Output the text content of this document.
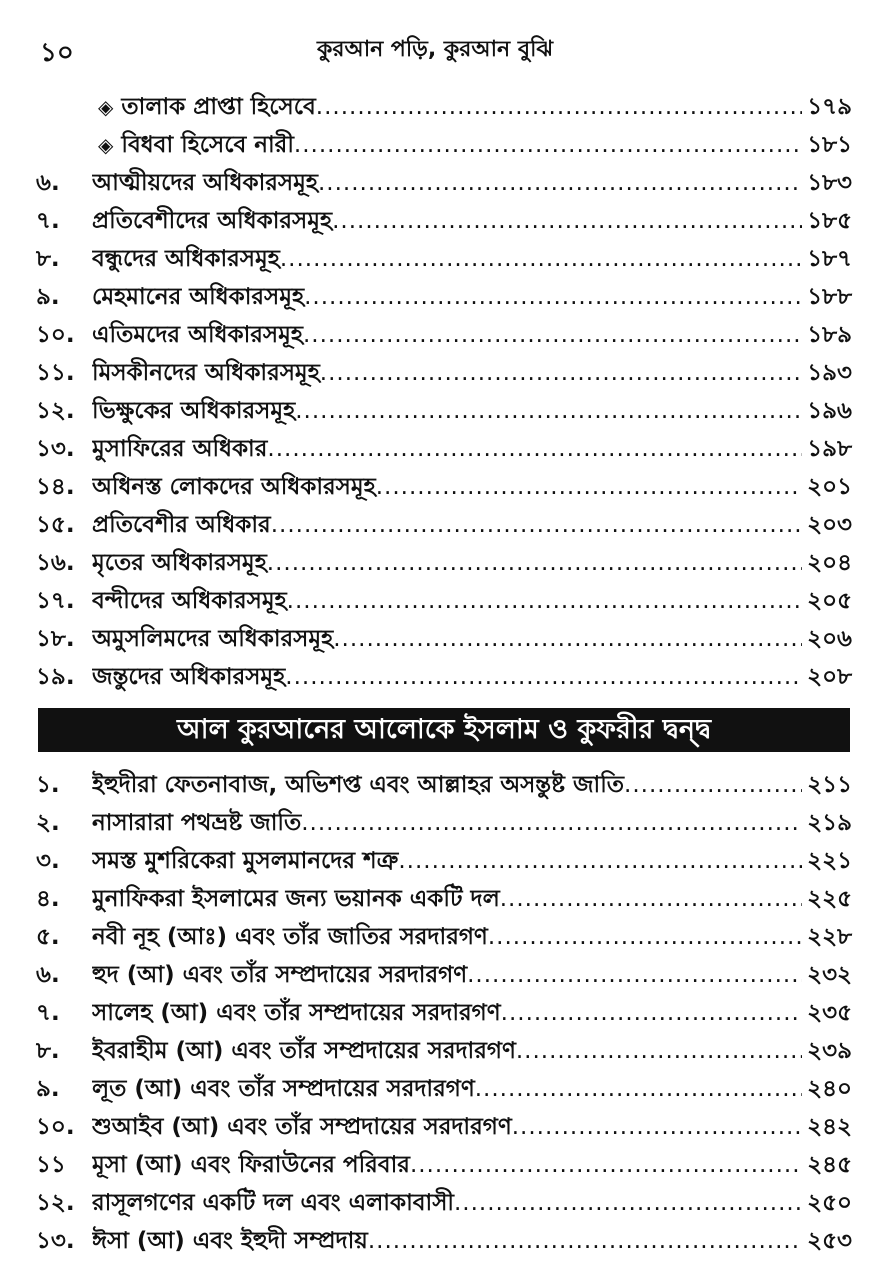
১০	কুরআন পড়ি, কুরআন বুঝি
◈ তালাক প্রাপ্তা হিসেবে .....	১৭৯
◈ বিধবা হিসেবে নারী .....	১৮১
৬. আত্মীয়দের অধিকারসমূহ .....	১৮৩
৭. প্রতিবেশীদের অধিকারসমূহ .....	১৮৫
৮. বন্ধুদের অধিকারসমূহ .....	১৮৭
৯. মেহমানের অধিকারসমূহ .....	১৮৮
১০. এতিমদের অধিকারসমূহ .....	১৮৯
১১. মিসকীনদের অধিকারসমূহ .....	১৯৩
১২. ভিক্ষুকের অধিকারসমূহ .....	১৯৬
১৩. মুসাফিরের অধিকার .....	১৯৮
১৪. অধিনস্ত লোকদের অধিকারসমূহ .....	২০১
১৫. প্রতিবেশীর অধিকার .....	২০৩
১৬. মৃতের অধিকারসমূহ .....	২০৪
১৭. বন্দীদের অধিকারসমূহ .....	২০৫
১৮. অমুসলিমদের অধিকারসমূহ .....	২০৬
১৯. জন্তুদের অধিকারসমূহ .....	২০৮
আল কুরআনের আলোকে ইসলাম ও কুফরীর দ্বন্দ্ব
১. ইহুদীরা ফেতনাবাজ, অভিশপ্ত এবং আল্লাহর অসন্তুষ্ট জাতি .....	২১১
২. নাসারারা পথভ্রষ্ট জাতি .....	২১৯
৩. সমস্ত মুশরিকেরা মুসলমানদের শত্রু .....	২২১
৪. মুনাফিকরা ইসলামের জন্য ভয়ানক একটি দল .....	২২৫
৫. নবী নূহ (আঃ) এবং তাঁর জাতির সরদারগণ .....	২২৮
৬. হুদ (আ) এবং তাঁর সম্প্রদায়ের সরদারগণ .....	২৩২
৭. সালেহ (আ) এবং তাঁর সম্প্রদায়ের সরদারগণ .....	২৩৫
৮. ইবরাহীম (আ) এবং তাঁর সম্প্রদায়ের সরদারগণ .....	২৩৯
৯. লূত (আ) এবং তাঁর সম্প্রদায়ের সরদারগণ .....	২৪০
১০. শুআইব (আ) এবং তাঁর সম্প্রদায়ের সরদারগণ .....	২৪২
১১ মূসা (আ) এবং ফিরাউনের পরিবার .....	২৪৫
১২. রাসূলগণের একটি দল এবং এলাকাবাসী .....	২৫০
১৩. ঈসা (আ) এবং ইহুদী সম্প্রদায় .....	২৫৩
